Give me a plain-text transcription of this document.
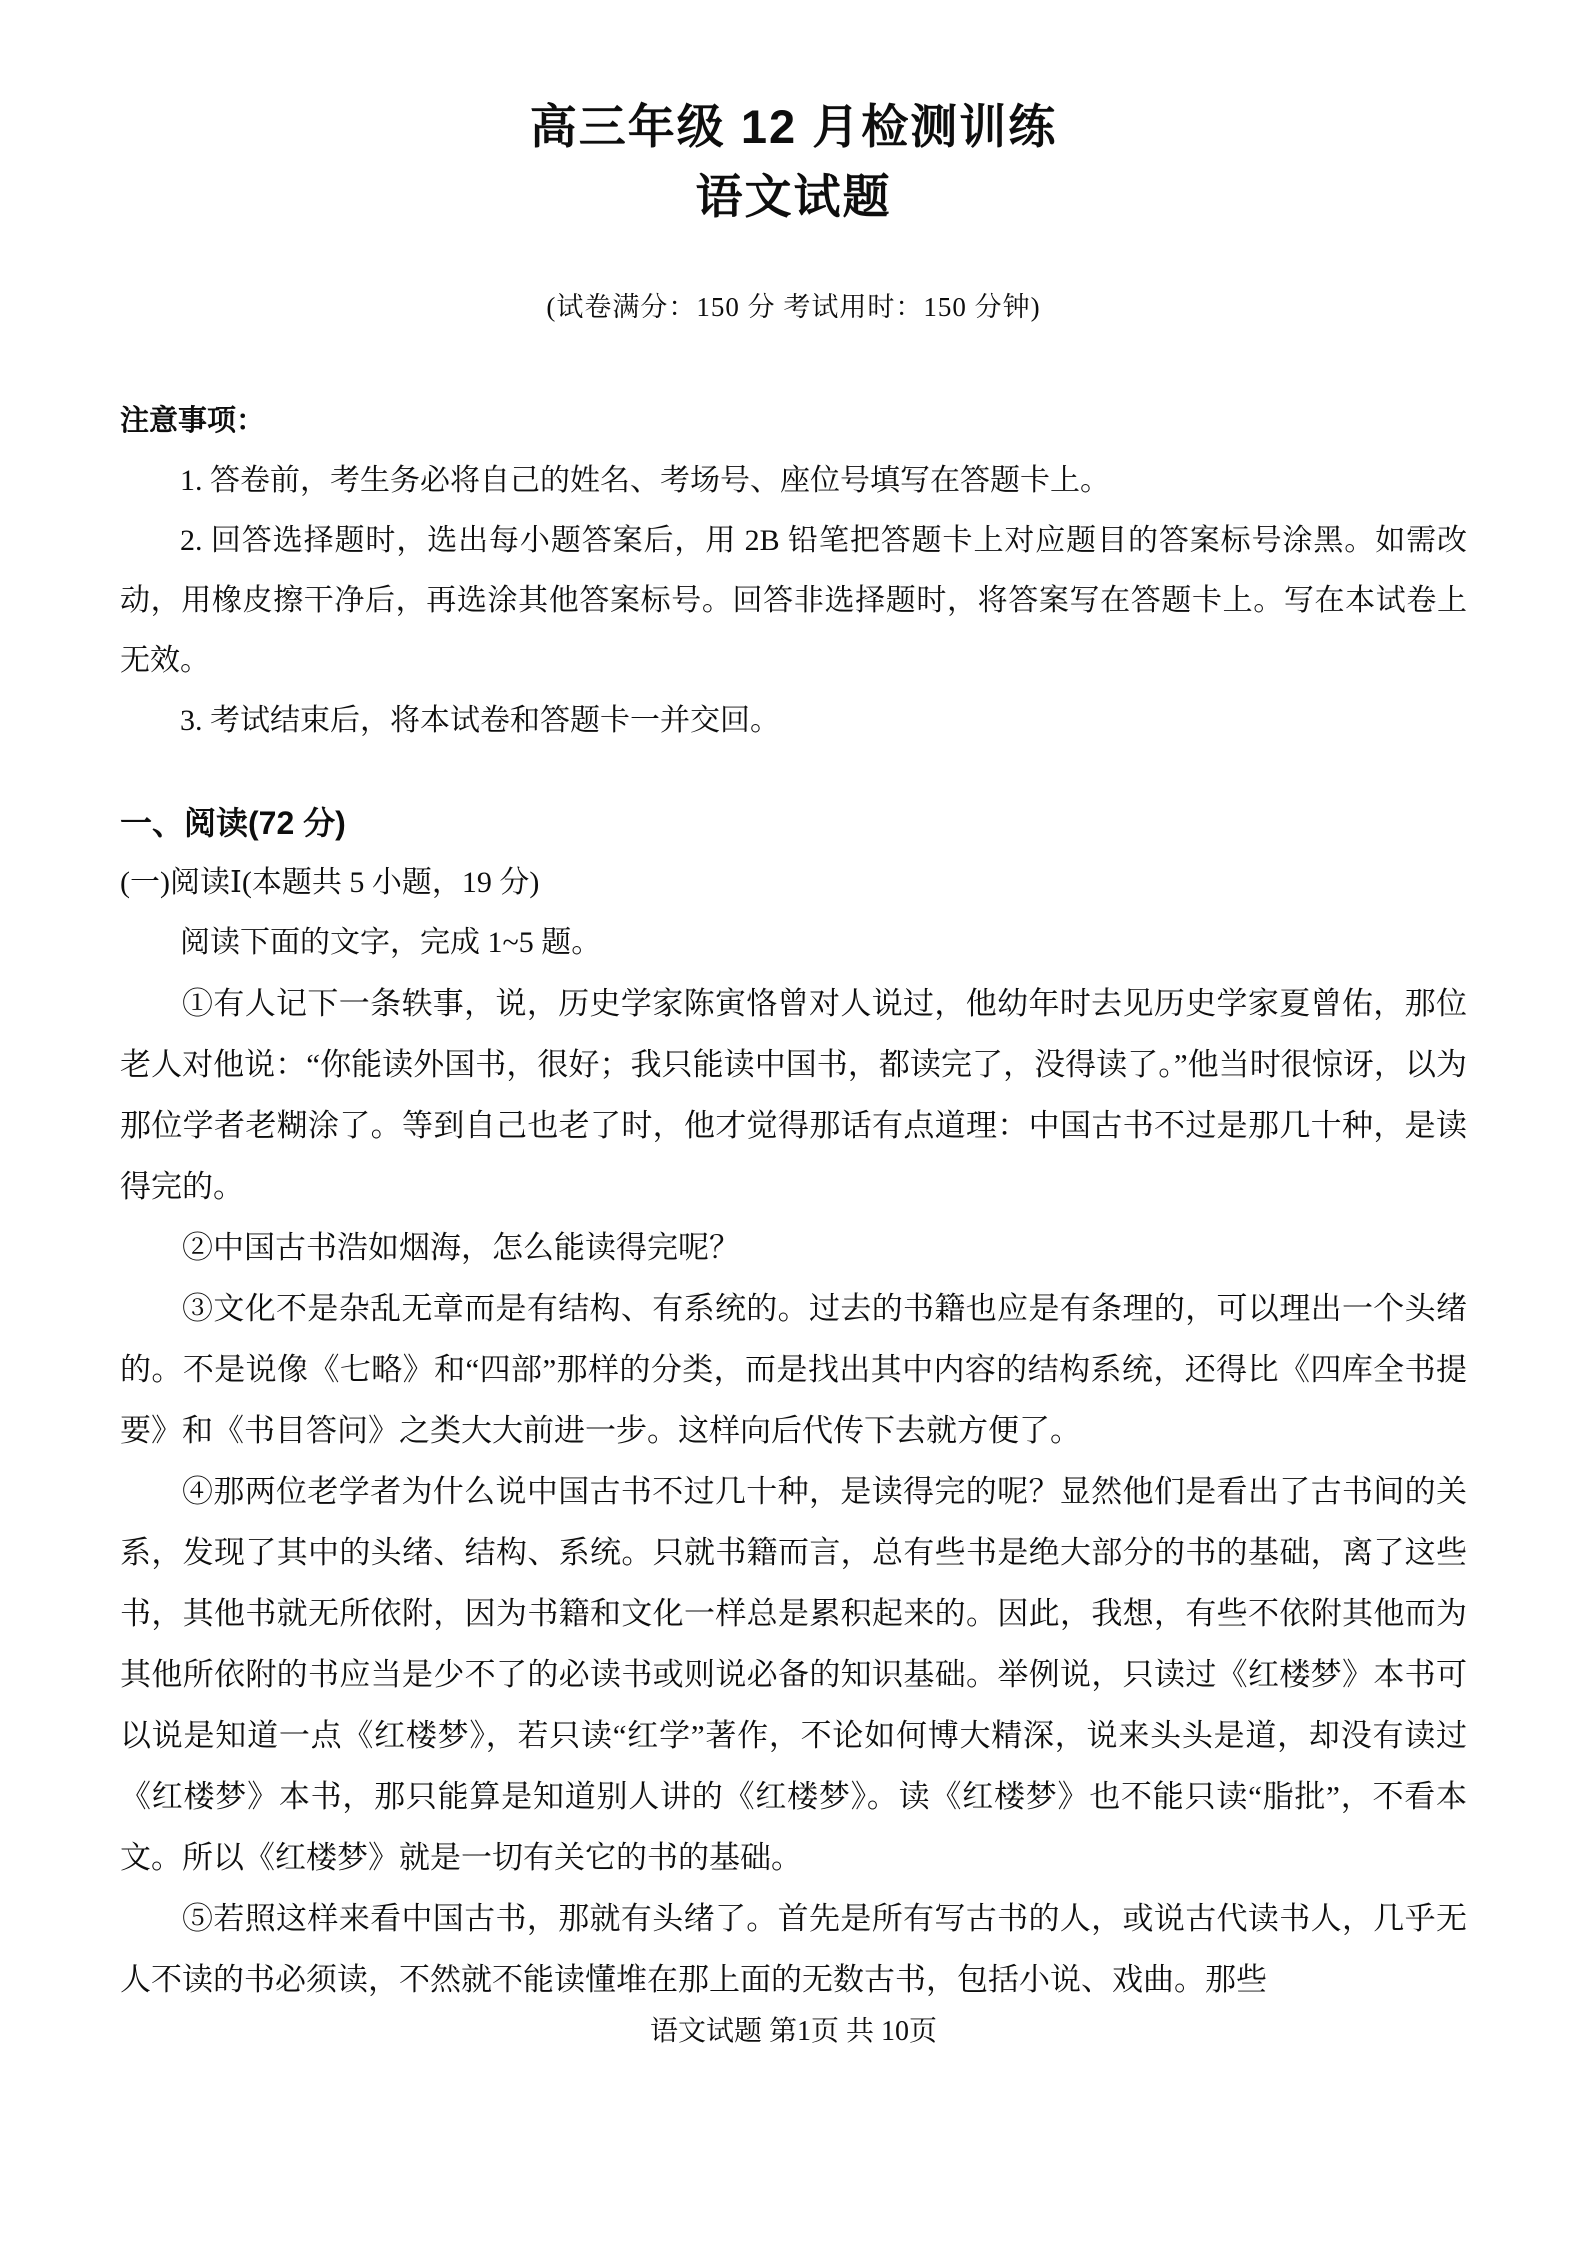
高三年级 12 月检测训练
语文试题
(试卷满分：150 分 考试用时：150 分钟)
注意事项：

1. 答卷前，考生务必将自己的姓名、考场号、座位号填写在答题卡上。

2. 回答选择题时，选出每小题答案后，用 2B 铅笔把答题卡上对应题目的答案标号涂黑。如需改动，用橡皮擦干净后，再选涂其他答案标号。回答非选择题时，将答案写在答题卡上。写在本试卷上无效。

3. 考试结束后，将本试卷和答题卡一并交回。

一、阅读(72 分)
(一)阅读Ⅰ(本题共 5 小题，19 分)

阅读下面的文字，完成 1~5 题。

①有人记下一条轶事，说，历史学家陈寅恪曾对人说过，他幼年时去见历史学家夏曾佑，那位老人对他说：“你能读外国书，很好；我只能读中国书，都读完了，没得读了。”他当时很惊讶，以为那位学者老糊涂了。等到自己也老了时，他才觉得那话有点道理：中国古书不过是那几十种，是读得完的。

②中国古书浩如烟海，怎么能读得完呢？

③文化不是杂乱无章而是有结构、有系统的。过去的书籍也应是有条理的，可以理出一个头绪的。不是说像《七略》和“四部”那样的分类，而是找出其中内容的结构系统，还得比《四库全书提要》和《书目答问》之类大大前进一步。这样向后代传下去就方便了。

④那两位老学者为什么说中国古书不过几十种，是读得完的呢？显然他们是看出了古书间的关系，发现了其中的头绪、结构、系统。只就书籍而言，总有些书是绝大部分的书的基础，离了这些书，其他书就无所依附，因为书籍和文化一样总是累积起来的。因此，我想，有些不依附其他而为其他所依附的书应当是少不了的必读书或则说必备的知识基础。举例说，只读过《红楼梦》本书可以说是知道一点《红楼梦》，若只读“红学”著作，不论如何博大精深，说来头头是道，却没有读过《红楼梦》本书，那只能算是知道别人讲的《红楼梦》。读《红楼梦》也不能只读“脂批”，不看本文。所以《红楼梦》就是一切有关它的书的基础。

⑤若照这样来看中国古书，那就有头绪了。首先是所有写古书的人，或说古代读书人，几乎无人不读的书必须读，不然就不能读懂堆在那上面的无数古书，包括小说、戏曲。那些

语文试题 第1页 共 10页
